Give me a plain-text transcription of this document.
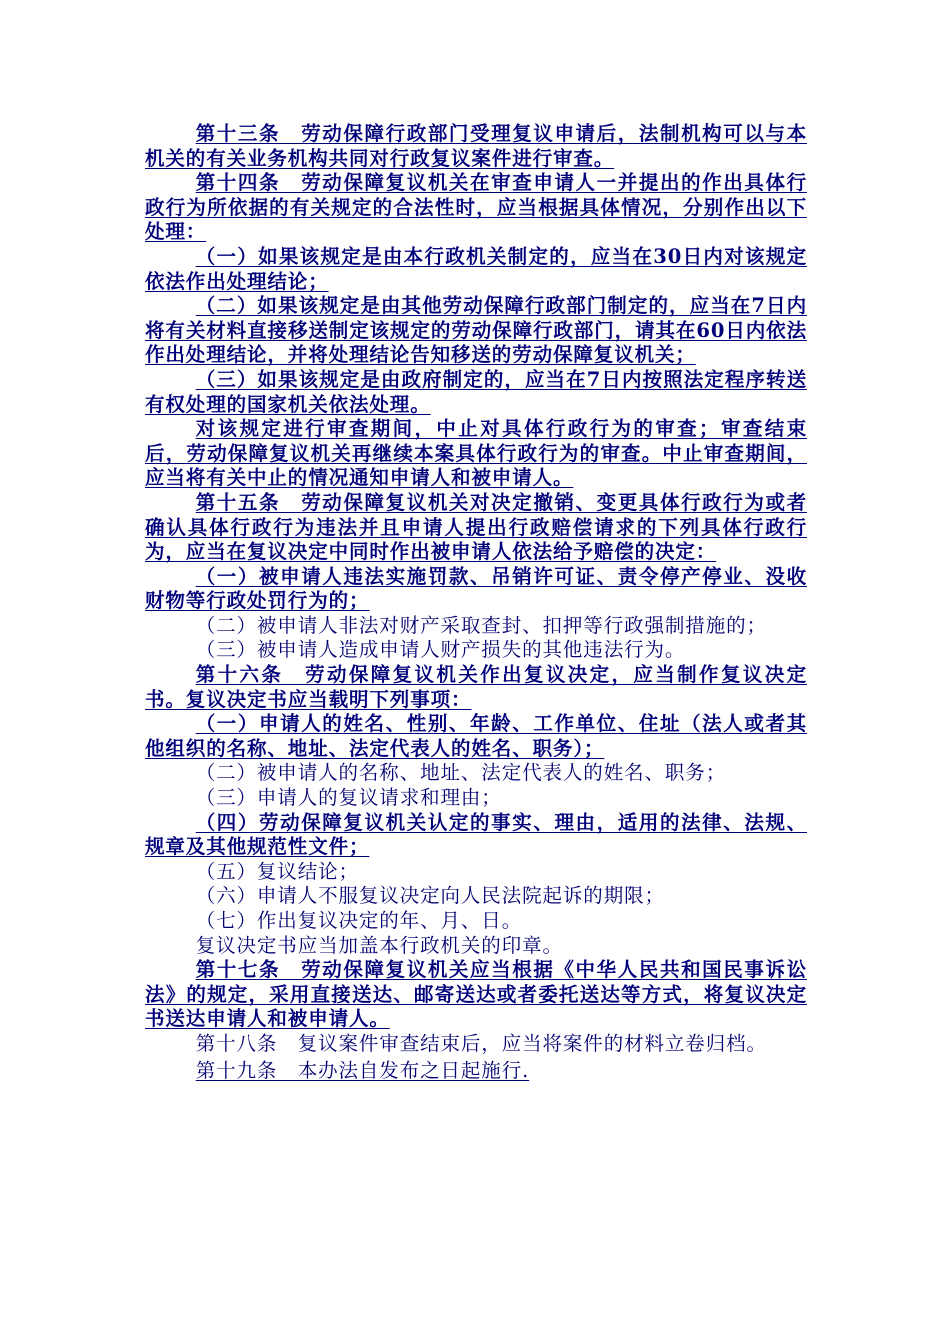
第十三条　劳动保障行政部门受理复议申请后，法制机构可以与本机关的有关业务机构共同对行政复议案件进行审查。

第十四条　劳动保障复议机关在审查申请人一并提出的作出具体行政行为所依据的有关规定的合法性时，应当根据具体情况，分别作出以下处理：

（一）如果该规定是由本行政机关制定的，应当在30日内对该规定依法作出处理结论；

（二）如果该规定是由其他劳动保障行政部门制定的，应当在7日内将有关材料直接移送制定该规定的劳动保障行政部门，请其在60日内依法作出处理结论，并将处理结论告知移送的劳动保障复议机关；

（三）如果该规定是由政府制定的，应当在7日内按照法定程序转送有权处理的国家机关依法处理。

对该规定进行审查期间，中止对具体行政行为的审查；审查结束后，劳动保障复议机关再继续本案具体行政行为的审查。中止审查期间，应当将有关中止的情况通知申请人和被申请人。

第十五条　劳动保障复议机关对决定撤销、变更具体行政行为或者确认具体行政行为违法并且申请人提出行政赔偿请求的下列具体行政行为，应当在复议决定中同时作出被申请人依法给予赔偿的决定：

（一）被申请人违法实施罚款、吊销许可证、责令停产停业、没收财物等行政处罚行为的；

（二）被申请人非法对财产采取查封、扣押等行政强制措施的；

（三）被申请人造成申请人财产损失的其他违法行为。

第十六条　劳动保障复议机关作出复议决定，应当制作复议决定书。复议决定书应当载明下列事项：

（一）申请人的姓名、性别、年龄、工作单位、住址（法人或者其他组织的名称、地址、法定代表人的姓名、职务）；

（二）被申请人的名称、地址、法定代表人的姓名、职务；

（三）申请人的复议请求和理由；

（四）劳动保障复议机关认定的事实、理由，适用的法律、法规、规章及其他规范性文件；

（五）复议结论；

（六）申请人不服复议决定向人民法院起诉的期限；

（七）作出复议决定的年、月、日。

复议决定书应当加盖本行政机关的印章。

第十七条　劳动保障复议机关应当根据《中华人民共和国民事诉讼法》的规定，采用直接送达、邮寄送达或者委托送达等方式，将复议决定书送达申请人和被申请人。

第十八条　复议案件审查结束后，应当将案件的材料立卷归档。

第十九条　本办法自发布之日起施行.
